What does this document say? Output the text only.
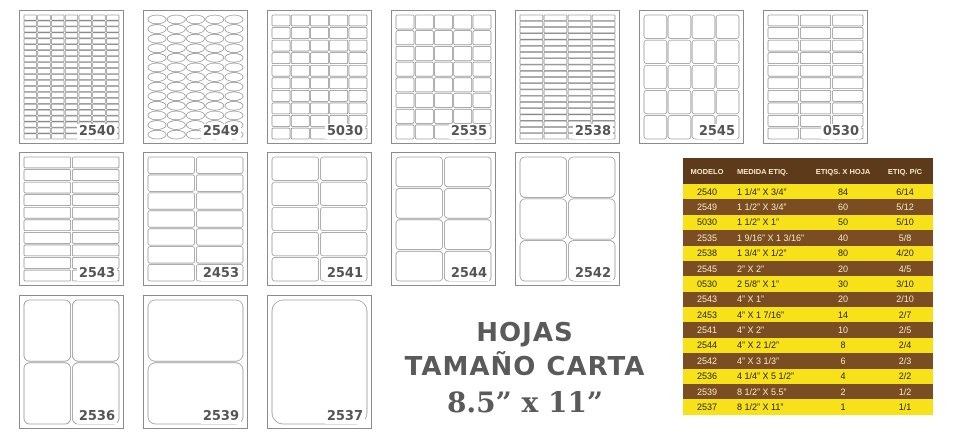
2540	2549	5030	2535	2538	2545	0530
2543	2453	2541	2544	2542
2536	2539	2537
HOJAS
TAMAÑO CARTA
8.5” x 11”
MODELO	MEDIDA ETIQ.	ETIQS. X HOJA	ETIQ. P/C
2540	1 1/4” X 3/4”	84	6/14
2549	1 1/2” X 3/4”	60	5/12
5030	1 1/2” X 1”	50	5/10
2535	1 9/16” X 1 3/16”	40	5/8
2538	1 3/4” X 1/2”	80	4/20
2545	2” X 2”	20	4/5
0530	2 5/8” X 1”	30	3/10
2543	4” X 1”	20	2/10
2453	4” X 1 7/16”	14	2/7
2541	4” X 2”	10	2/5
2544	4” X 2 1/2”	8	2/4
2542	4” X 3 1/3”	6	2/3
2536	4 1/4” X 5 1/2”	4	2/2
2539	8 1/2” X 5.5”	2	1/2
2537	8 1/2” X 11”	1	1/1
